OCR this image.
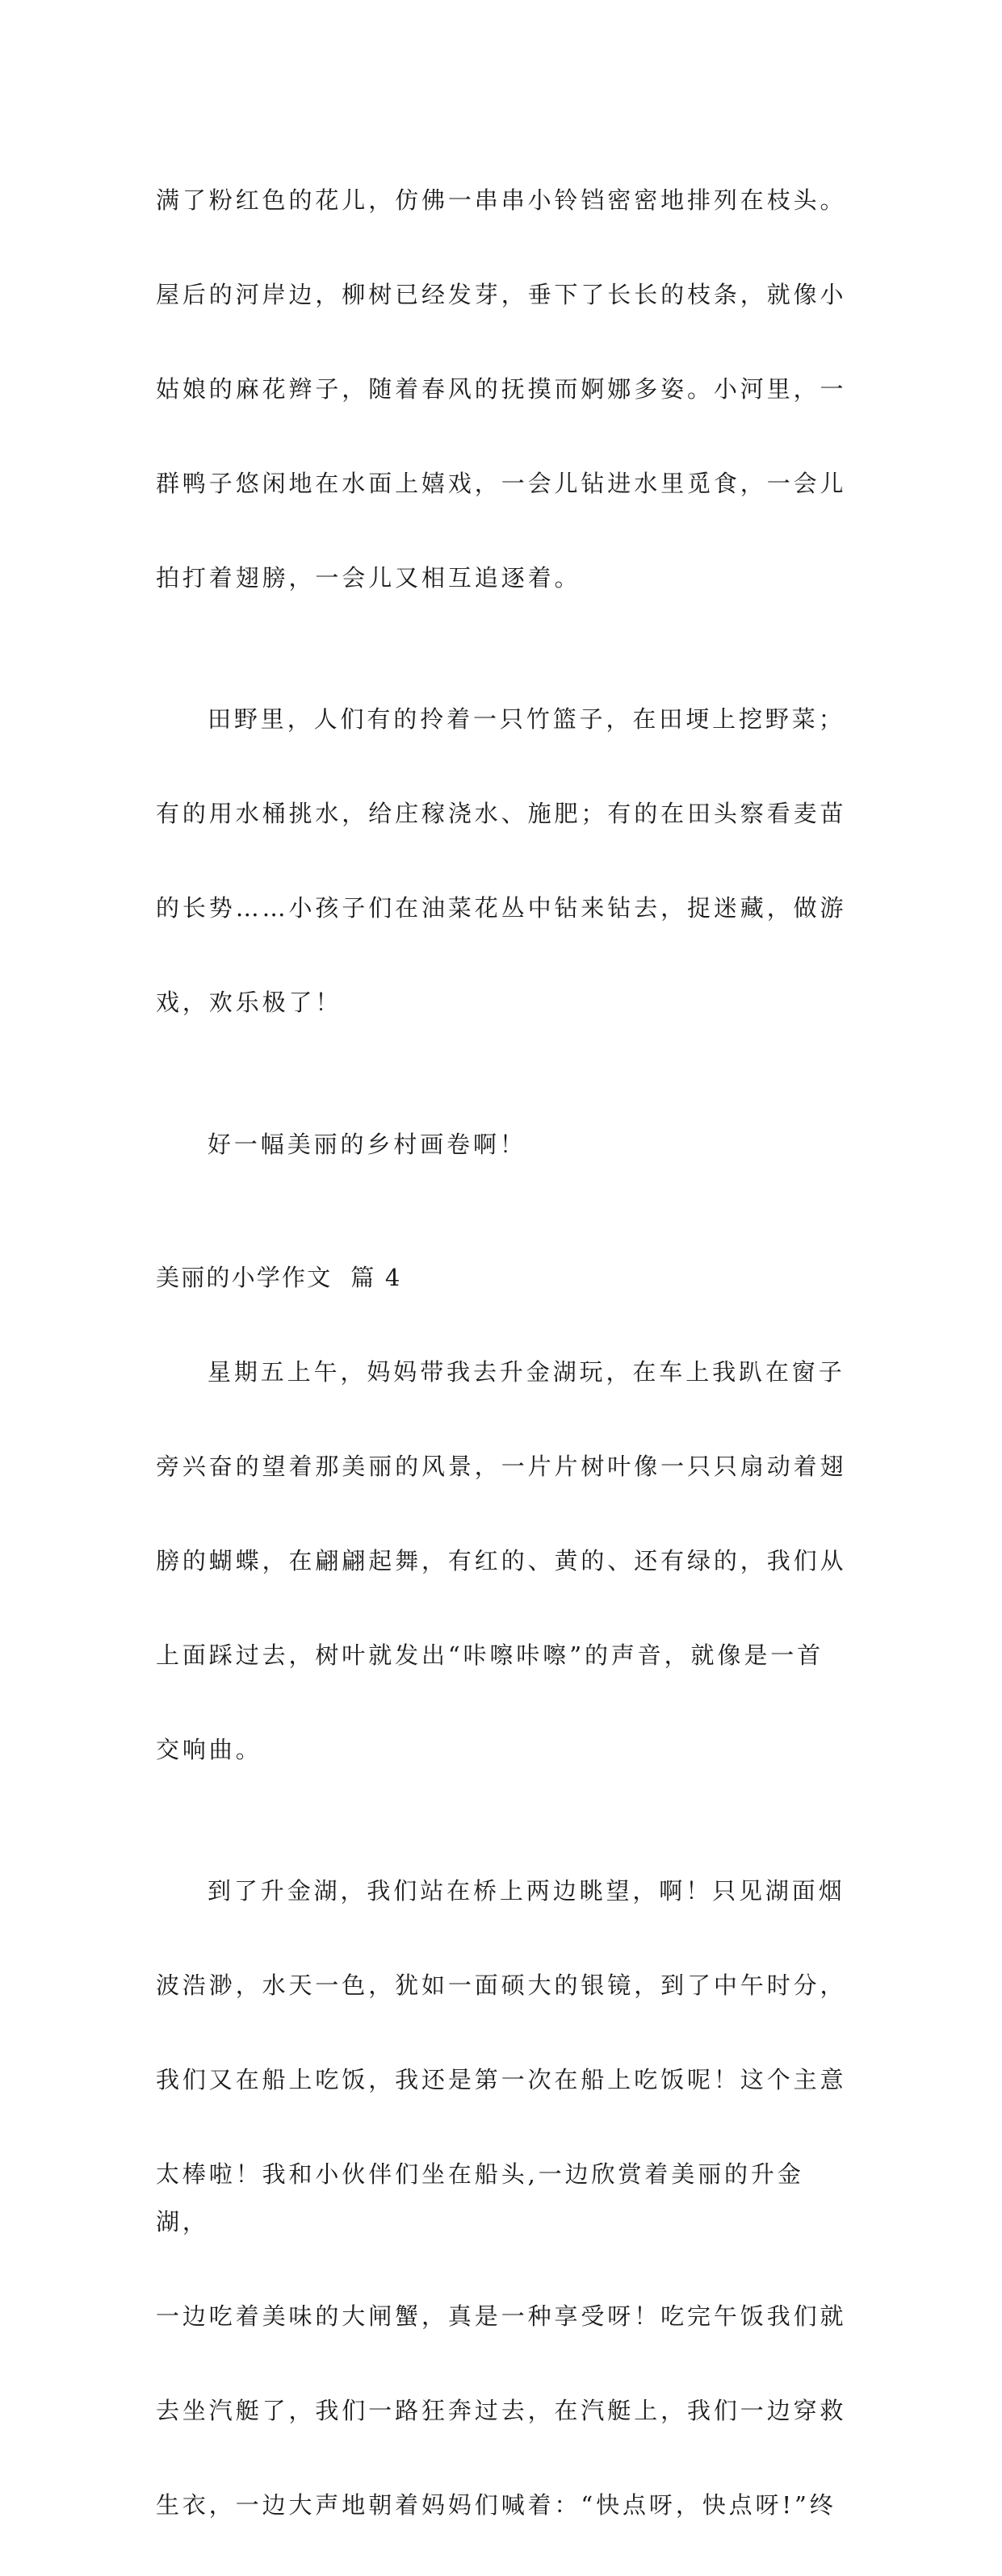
满了粉红色的花儿，仿佛一串串小铃铛密密地排列在枝头。

屋后的河岸边，柳树已经发芽，垂下了长长的枝条，就像小

姑娘的麻花辫子，随着春风的抚摸而婀娜多姿。小河里，一

群鸭子悠闲地在水面上嬉戏，一会儿钻进水里觅食，一会儿

拍打着翅膀，一会儿又相互追逐着。

田野里，人们有的拎着一只竹篮子，在田埂上挖野菜；

有的用水桶挑水，给庄稼浇水、施肥；有的在田头察看麦苗

的长势……小孩子们在油菜花丛中钻来钻去，捉迷藏，做游

戏，欢乐极了！

好一幅美丽的乡村画卷啊！

美丽的小学作文  篇 4

星期五上午，妈妈带我去升金湖玩，在车上我趴在窗子

旁兴奋的望着那美丽的风景，一片片树叶像一只只扇动着翅

膀的蝴蝶，在翩翩起舞，有红的、黄的、还有绿的，我们从

上面踩过去，树叶就发出“咔嚓咔嚓”的声音，就像是一首

交响曲。

到了升金湖，我们站在桥上两边眺望，啊！只见湖面烟

波浩渺，水天一色，犹如一面硕大的银镜，到了中午时分，

我们又在船上吃饭，我还是第一次在船上吃饭呢！这个主意

太棒啦！我和小伙伴们坐在船头,一边欣赏着美丽的升金湖，

一边吃着美味的大闸蟹，真是一种享受呀！吃完午饭我们就

去坐汽艇了，我们一路狂奔过去，在汽艇上，我们一边穿救

生衣，一边大声地朝着妈妈们喊着：“快点呀，快点呀!”终
